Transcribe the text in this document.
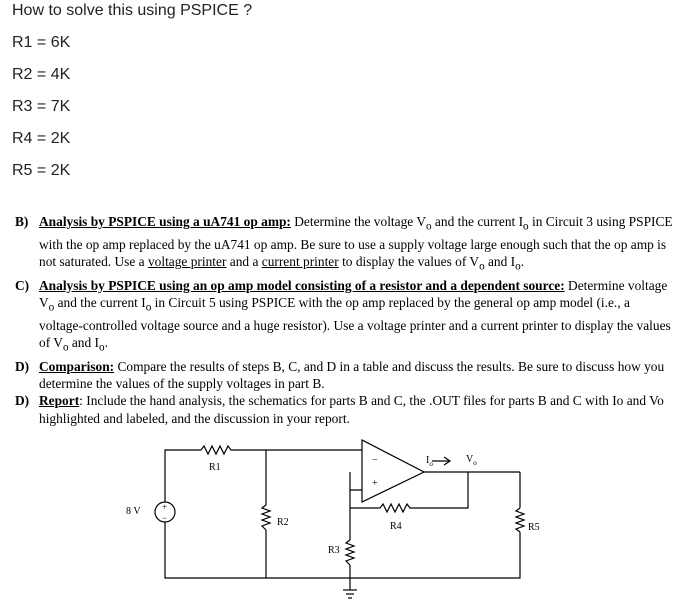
How to solve this using PSPICE ?

R1 = 6K

R2 = 4K

R3 = 7K

R4 = 2K

R5 = 2K

B) Analysis by PSPICE using a uA741 op amp: Determine the voltage $V_o$ and the current $I_o$ in Circuit 3 using PSPICE with the op amp replaced by the uA741 op amp. Be sure to use a supply voltage large enough such that the op amp is not saturated. Use a voltage printer and a current printer to display the values of $V_o$ and $I_o$.
C) Analysis by PSPICE using an op amp model consisting of a resistor and a dependent source: Determine voltage $V_o$ and the current $I_o$ in Circuit 5 using PSPICE with the op amp replaced by the general op amp model (i.e., a voltage-controlled voltage source and a huge resistor). Use a voltage printer and a current printer to display the values of $V_o$ and $I_o$.
D) Comparison: Compare the results of steps B, C, and D in a table and discuss the results. Be sure to discuss how you determine the values of the supply voltages in part B.
D) Report: Include the hand analysis, the schematics for parts B and C, the .OUT files for parts B and C with Io and Vo highlighted and labeled, and the discussion in your report.
R1
R2
R3
R4	R5
8 V +
−
−
+
$I_o$	$V_o$
